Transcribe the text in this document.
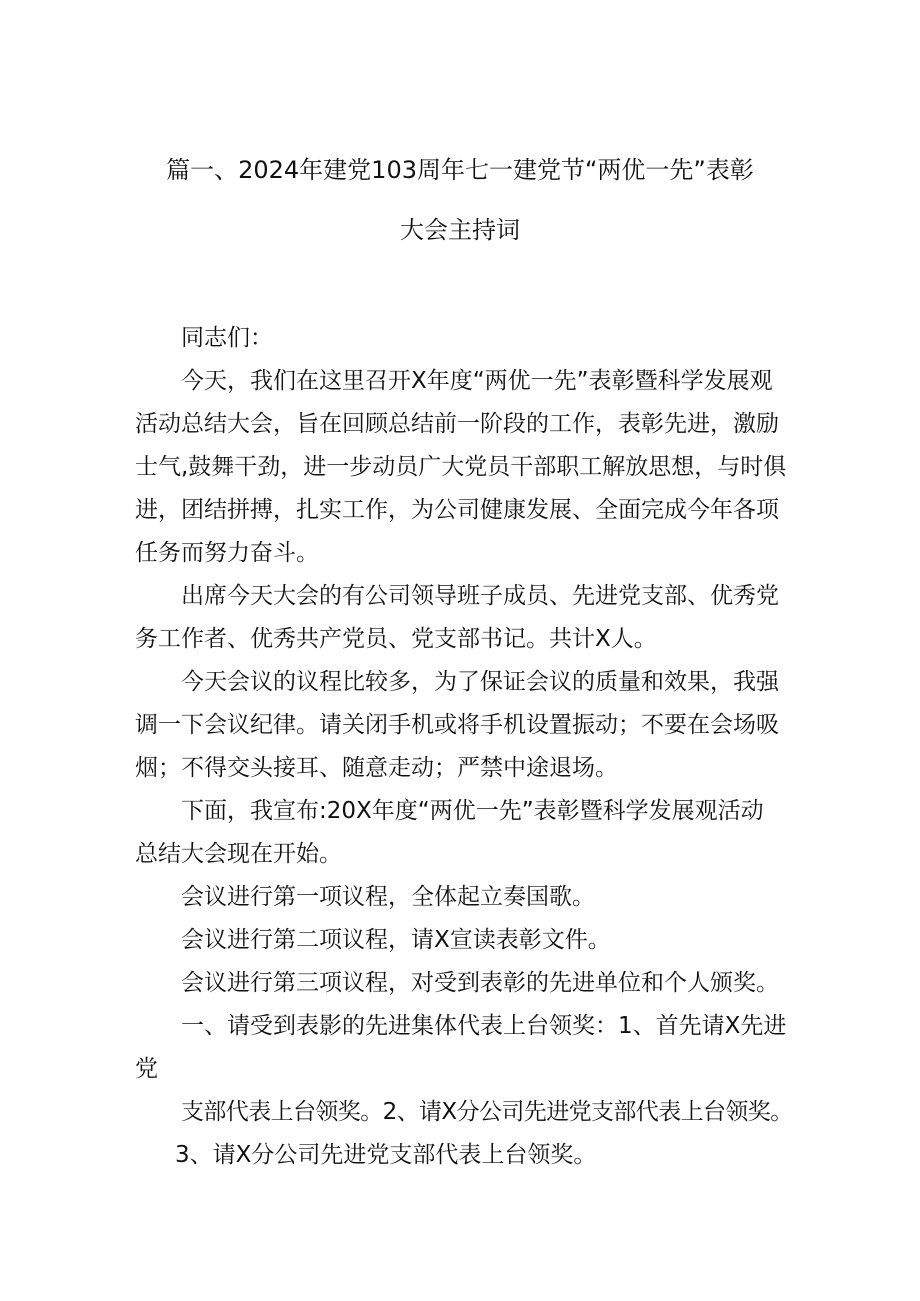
篇一、2024年建党103周年七一建党节“两优一先”表彰
大会主持词
同志们：
今天，我们在这里召开X年度“两优一先”表彰暨科学发展观
活动总结大会，旨在回顾总结前一阶段的工作，表彰先进，激励
士气,鼓舞干劲，进一步动员广大党员干部职工解放思想，与时俱
进，团结拼搏，扎实工作，为公司健康发展、全面完成今年各项
任务而努力奋斗。
出席今天大会的有公司领导班子成员、先进党支部、优秀党
务工作者、优秀共产党员、党支部书记。共计X人。
今天会议的议程比较多，为了保证会议的质量和效果，我强
调一下会议纪律。请关闭手机或将手机设置振动；不要在会场吸
烟；不得交头接耳、随意走动；严禁中途退场。
下面，我宣布:20X年度“两优一先”表彰暨科学发展观活动
总结大会现在开始。
会议进行第一项议程，全体起立奏国歌。
会议进行第二项议程，请X宣读表彰文件。
会议进行第三项议程，对受到表彰的先进单位和个人颁奖。
一、请受到表影的先进集体代表上台领奖：1、首先请X先进
党
支部代表上台领奖。2、请X分公司先进党支部代表上台领奖。
3、请X分公司先进党支部代表上台领奖。
